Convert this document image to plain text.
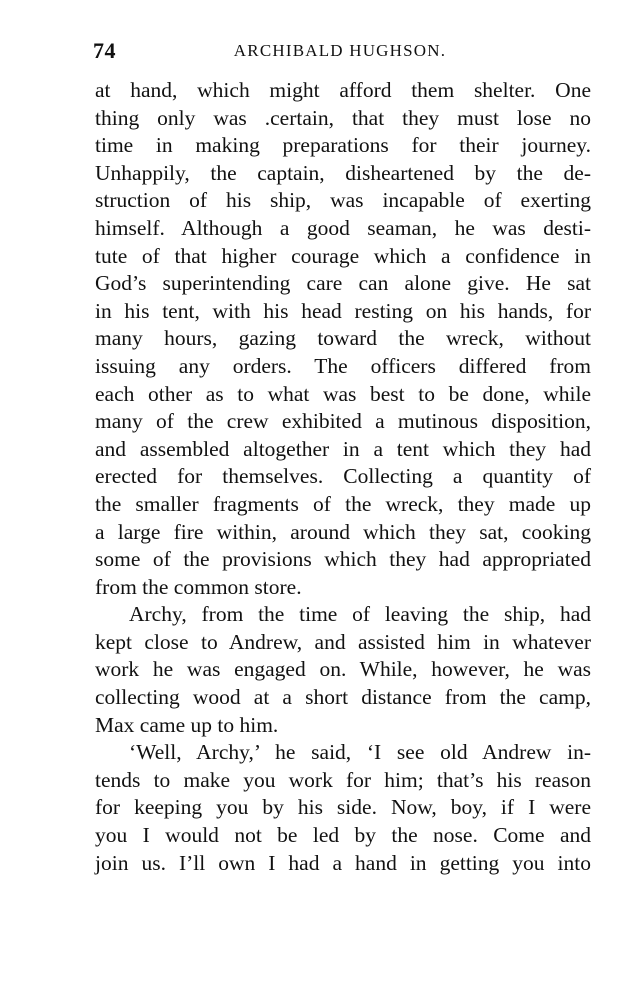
74	ARCHIBALD HUGHSON.
at hand, which might afford them shelter. One
thing only was .certain, that they must lose no
time in making preparations for their journey.
Unhappily, the captain, disheartened by the de-
struction of his ship, was incapable of exerting
himself. Although a good seaman, he was desti-
tute of that higher courage which a confidence in
God’s superintending care can alone give. He sat
in his tent, with his head resting on his hands, for
many hours, gazing toward the wreck, without
issuing any orders. The officers differed from
each other as to what was best to be done, while
many of the crew exhibited a mutinous disposition,
and assembled altogether in a tent which they had
erected for themselves. Collecting a quantity of
the smaller fragments of the wreck, they made up
a large fire within, around which they sat, cooking
some of the provisions which they had appropriated
from the common store.
Archy, from the time of leaving the ship, had
kept close to Andrew, and assisted him in whatever
work he was engaged on. While, however, he was
collecting wood at a short distance from the camp,
Max came up to him.
‘Well, Archy,’ he said, ‘I see old Andrew in-
tends to make you work for him; that’s his reason
for keeping you by his side. Now, boy, if I were
you I would not be led by the nose. Come and
join us. I’ll own I had a hand in getting you into
